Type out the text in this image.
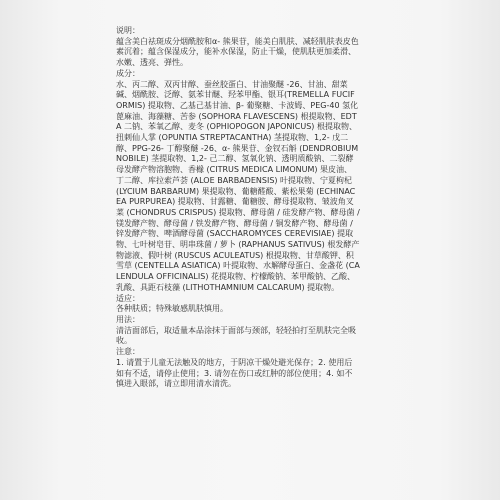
说明：
蕴含美白祛斑成分烟酰胺和α- 熊果苷，能美白肌肤、减轻肌肤表皮色素沉着；蕴含保湿成分，能补水保湿，防止干燥，使肌肤更加柔滑、水嫩、透亮、弹性。
成分：
水、丙二醇、双丙甘醇、蚕丝胶蛋白、甘油聚醚 -26、甘油、甜菜碱、烟酰胺、泛醇、氨苯甘醚、羟苯甲酯、银耳(TREMELLA FUCIFORMIS) 提取物、乙基己基甘油、β- 葡聚糖、卡波姆、PEG-40 氢化蓖麻油、海藻糖、苦参 (SOPHORA FLAVESCENS) 根提取物、EDTA 二钠、苯氧乙醇、麦冬 (OPHIOPOGON JAPONICUS) 根提取物、扭刺仙人掌 (OPUNTIA STREPTACANTHA) 茎提取物、1,2- 戊二醇、PPG-26- 丁醇聚醚 -26、α- 熊果苷、金钗石斛 (DENDROBIUM NOBILE) 茎提取物、1,2- 己二醇、氢氧化钠、透明质酸钠、二裂酵母发酵产物溶胞物、香橼 (CITRUS MEDICA LIMONUM) 果皮油、丁二醇、库拉索芦荟 (ALOE BARBADENSIS) 叶提取物、宁夏枸杞 (LYCIUM BARBARUM) 果提取物、葡糖醛酸、紫松果菊 (ECHINACEA PURPUREA) 提取物、甘露糖、葡糖胺、酵母提取物、皱波角叉菜 (CHONDRUS CRISPUS) 提取物、酵母菌 / 硅发酵产物、酵母菌 / 镁发酵产物、酵母菌 / 铁发酵产物、酵母菌 / 铜发酵产物、酵母菌 / 锌发酵产物、啤酒酵母菌 (SACCHAROMYCES CEREVISIAE) 提取物、七叶树皂苷、明串珠菌 / 萝卜 (RAPHANUS SATIVUS) 根发酵产物滤液、假叶树 (RUSCUS ACULEATUS) 根提取物、甘草酸钾、积雪草 (CENTELLA ASIATICA) 叶提取物、水解酵母蛋白、金盏花 (CALENDULA OFFICINALIS) 花提取物、柠檬酸钠、苯甲酸钠、乙酸、乳酸、具距石枝藻 (LITHOTHAMNIUM CALCARUM) 提取物。
适应：
各种肤质；特殊敏感肌肤慎用。
用法：
清洁面部后，取适量本品涂抹于面部与颈部，轻轻拍打至肌肤完全吸收。
注意：
1. 请置于儿童无法触及的地方，于阴凉干燥处避光保存；2. 使用后如有不适，请停止使用；3. 请勿在伤口或红肿的部位使用；4. 如不慎进入眼部，请立即用清水清洗。
